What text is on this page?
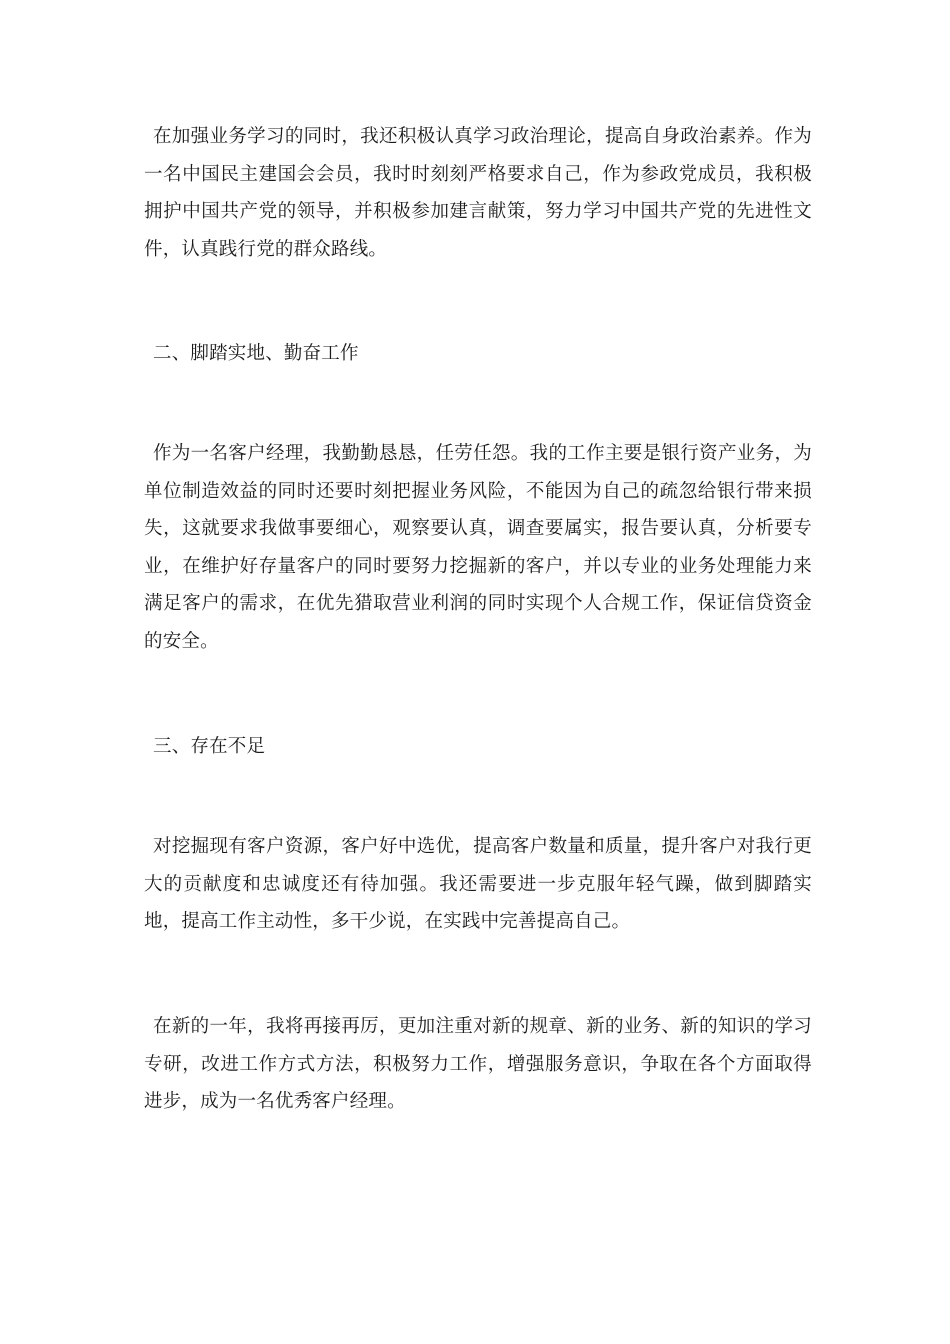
在加强业务学习的同时，我还积极认真学习政治理论，提高自身政治素养。作为一名中国民主建国会会员，我时时刻刻严格要求自己，作为参政党成员，我积极拥护中国共产党的领导，并积极参加建言献策，努力学习中国共产党的先进性文件，认真践行党的群众路线。

二、脚踏实地、勤奋工作

作为一名客户经理，我勤勤恳恳，任劳任怨。我的工作主要是银行资产业务，为单位制造效益的同时还要时刻把握业务风险，不能因为自己的疏忽给银行带来损失，这就要求我做事要细心，观察要认真，调查要属实，报告要认真，分析要专业，在维护好存量客户的同时要努力挖掘新的客户，并以专业的业务处理能力来满足客户的需求，在优先猎取营业利润的同时实现个人合规工作，保证信贷资金的安全。

三、存在不足

对挖掘现有客户资源，客户好中选优，提高客户数量和质量，提升客户对我行更大的贡献度和忠诚度还有待加强。我还需要进一步克服年轻气躁，做到脚踏实地，提高工作主动性，多干少说，在实践中完善提高自己。

在新的一年，我将再接再厉，更加注重对新的规章、新的业务、新的知识的学习专研，改进工作方式方法，积极努力工作，增强服务意识，争取在各个方面取得进步，成为一名优秀客户经理。
